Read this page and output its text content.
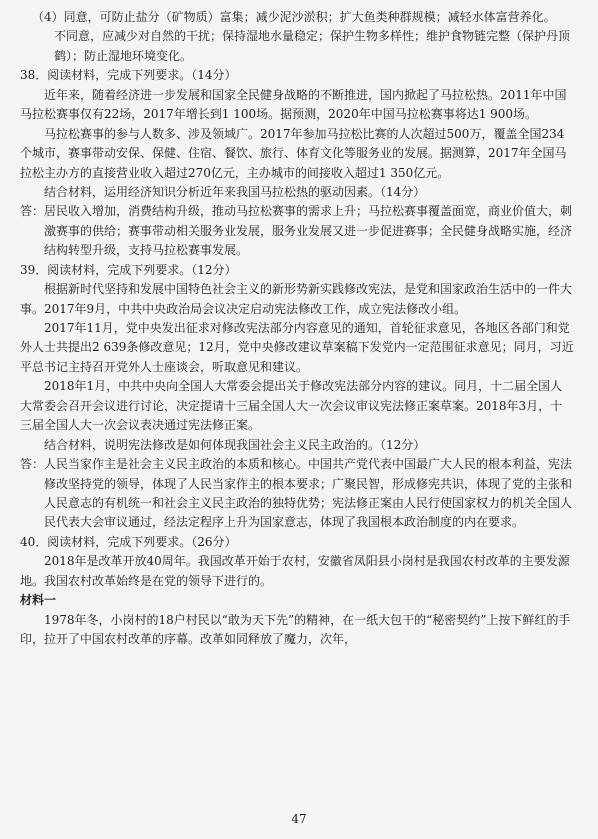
（4）同意，可防止盐分（矿物质）富集；减少泥沙淤积；扩大鱼类种群规模；减轻水体富营养化。

不同意，应减少对自然的干扰；保持湿地水量稳定；保护生物多样性；维护食物链完整（保护丹顶鹤）；防止湿地环境变化。

38．阅读材料，完成下列要求。（14分）

近年来，随着经济进一步发展和国家全民健身战略的不断推进，国内掀起了马拉松热。2011年中国马拉松赛事仅有22场，2017年增长到1 100场。据预测，2020年中国马拉松赛事将达1 900场。

马拉松赛事的参与人数多、涉及领域广。2017年参加马拉松比赛的人次超过500万，覆盖全国234个城市，赛事带动安保、保健、住宿、餐饮、旅行、体育文化等服务业的发展。据测算，2017年全国马拉松主办方的直接营业收入超过270亿元，主办城市的间接收入超过1 350亿元。

结合材料，运用经济知识分析近年来我国马拉松热的驱动因素。（14分）

答：居民收入增加，消费结构升级，推动马拉松赛事的需求上升；马拉松赛事覆盖面宽，商业价值大，刺激赛事的供给；赛事带动相关服务业发展，服务业发展又进一步促进赛事；全民健身战略实施，经济结构转型升级，支持马拉松赛事发展。

39．阅读材料，完成下列要求。（12分）

根据新时代坚持和发展中国特色社会主义的新形势新实践修改宪法，是党和国家政治生活中的一件大事。2017年9月，中共中央政治局会议决定启动宪法修改工作，成立宪法修改小组。

2017年11月，党中央发出征求对修改宪法部分内容意见的通知，首轮征求意见，各地区各部门和党外人士共提出2 639条修改意见；12月，党中央修改建议草案稿下发党内一定范围征求意见；同月，习近平总书记主持召开党外人士座谈会，听取意见和建议。

2018年1月，中共中央向全国人大常委会提出关于修改宪法部分内容的建议。同月，十二届全国人大常委会召开会议进行讨论，决定提请十三届全国人大一次会议审议宪法修正案草案。2018年3月，十三届全国人大一次会议表决通过宪法修正案。

结合材料，说明宪法修改是如何体现我国社会主义民主政治的。（12分）

答：人民当家作主是社会主义民主政治的本质和核心。中国共产党代表中国最广大人民的根本利益，宪法修改坚持党的领导，体现了人民当家作主的根本要求；广聚民智，形成修宪共识，体现了党的主张和人民意志的有机统一和社会主义民主政治的独特优势；宪法修正案由人民行使国家权力的机关全国人民代表大会审议通过，经法定程序上升为国家意志，体现了我国根本政治制度的内在要求。

40．阅读材料，完成下列要求。（26分）

2018年是改革开放40周年。我国改革开始于农村，安徽省凤阳县小岗村是我国农村改革的主要发源地。我国农村改革始终是在党的领导下进行的。

材料一

1978年冬，小岗村的18户村民以“敢为天下先”的精神，在一纸大包干的“秘密契约”上按下鲜红的手印，拉开了中国农村改革的序幕。改革如同释放了魔力，次年，

47
